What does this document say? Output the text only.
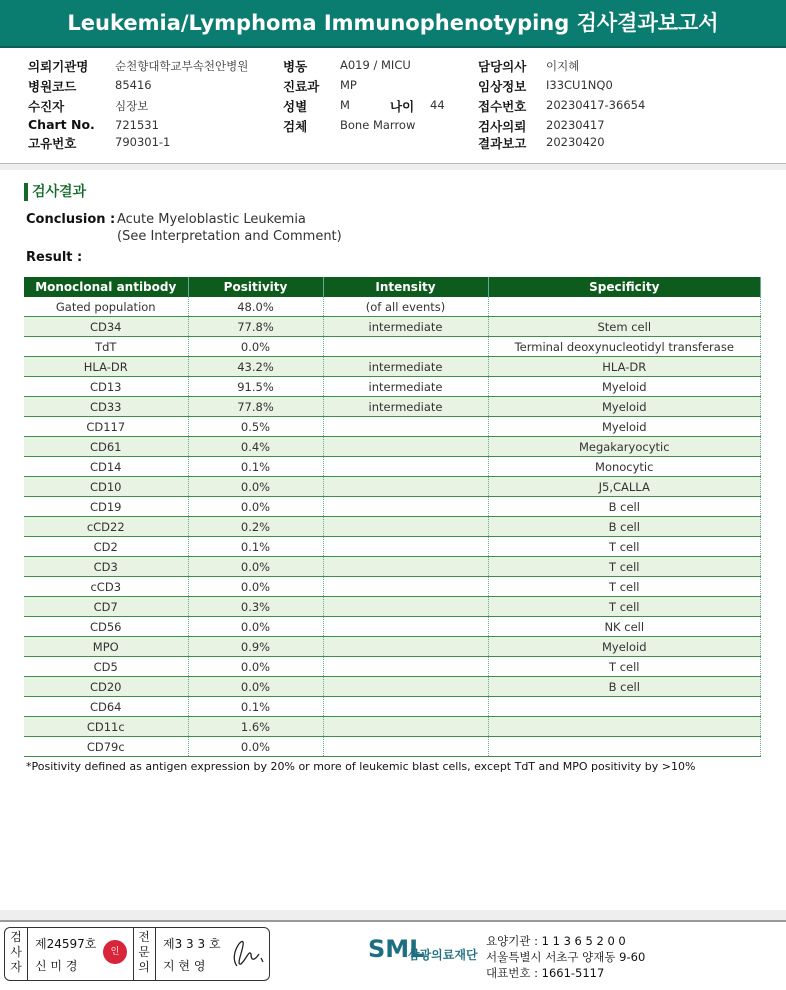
Leukemia/Lymphoma Immunophenotyping 검사결과보고서
의뢰기관명 순천향대학교부속천안병원
병원코드	85416
수진자	심장보
Chart No. 721531
고유번호	790301-1
병동	A019 / MICU
진료과 MP
성별	M
검체	Bone Marrow
나이 44
담당의사 이지혜
임상정보 I33CU1NQ0
접수번호 20230417-36654
검사의뢰 20230417
결과보고 20230420
검사결과
Conclusion : Acute Myeloblastic Leukemia
(See Interpretation and Comment)
Result :
Monoclonal antibody	Positivity	Intensity	Specificity
Gated population	48.0%	(of all events)	
CD34	77.8%	intermediate	Stem cell
TdT	0.0%		Terminal deoxynucleotidyl transferase
HLA-DR	43.2%	intermediate	HLA-DR
CD13	91.5%	intermediate	Myeloid
CD33	77.8%	intermediate	Myeloid
CD117	0.5%		Myeloid
CD61	0.4%		Megakaryocytic
CD14	0.1%		Monocytic
CD10	0.0%		J5,CALLA
CD19	0.0%		B cell
cCD22	0.2%		B cell
CD2	0.1%		T cell
CD3	0.0%		T cell
cCD3	0.0%		T cell
CD7	0.3%		T cell
CD56	0.0%		NK cell
MPO	0.9%		Myeloid
CD5	0.0%		T cell
CD20	0.0%		B cell
CD64	0.1%		
CD11c	1.6%		
CD79c	0.0%		
*Positivity defined as antigen expression by 20% or more of leukemic blast cells, except TdT and MPO positivity by >10%
검사자
제24597호
신 미 경
인
전문의
제3 3 3 호
지 현 영
SML
삼광의료재단
요양기관 : 1 1 3 6 5 2 0 0
서울특별시 서초구 양재동 9-60
대표번호 : 1661-5117
